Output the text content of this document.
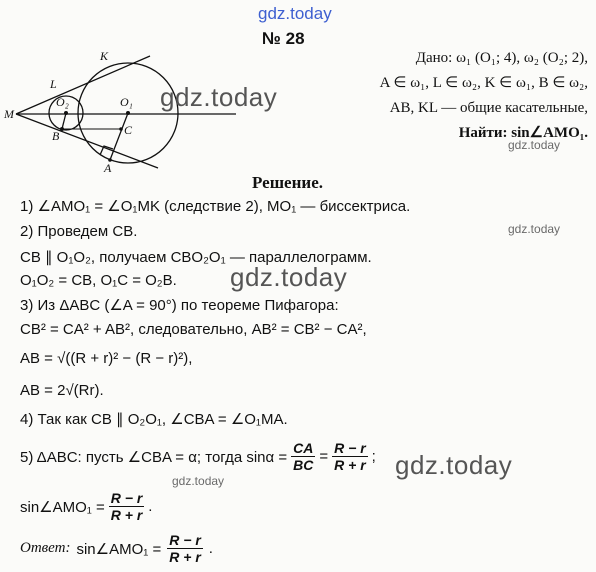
gdz.today
№ 28
K
L
M
O₂	O₁
C
B
A
Дано: ω₁ (O₁; 4), ω₂ (O₂; 2),
A ∈ ω₁, L ∈ ω₂, K ∈ ω₁, B ∈ ω₂,
AB, KL — общие касательные,
Найти: sin∠AMO₁.
gdz.today
gdz.today
Решение.
1) ∠AMO₁ = ∠O₁MK (следствие 2), MO₁ — биссектриса.
2) Проведем CB.	gdz.today
CB ∥ O₁O₂, получаем CBO₂O₁ — параллелограмм.
O₁O₂ = CB, O₁C = O₂B. gdz.today
3) Из ΔABC (∠A = 90°) по теореме Пифагора:
CB² = CA² + AB², следовательно, AB² = CB² − CA²,
AB = √((R + r)² − (R − r)²),
AB = 2√(Rr).
4) Так как CB ∥ O₂O₁, ∠CBA = ∠O₁MA.
5) ΔABC: пусть ∠CBA = α; тогда $\sin\alpha = \frac{CA}{BC} = \frac{R - r}{R + r}$ ; gdz.today
gdz.today
sin∠AMO₁ = $\frac{R - r}{R + r}$ .
Ответ: sin∠AMO₁ = $\frac{R - r}{R + r}$ .
